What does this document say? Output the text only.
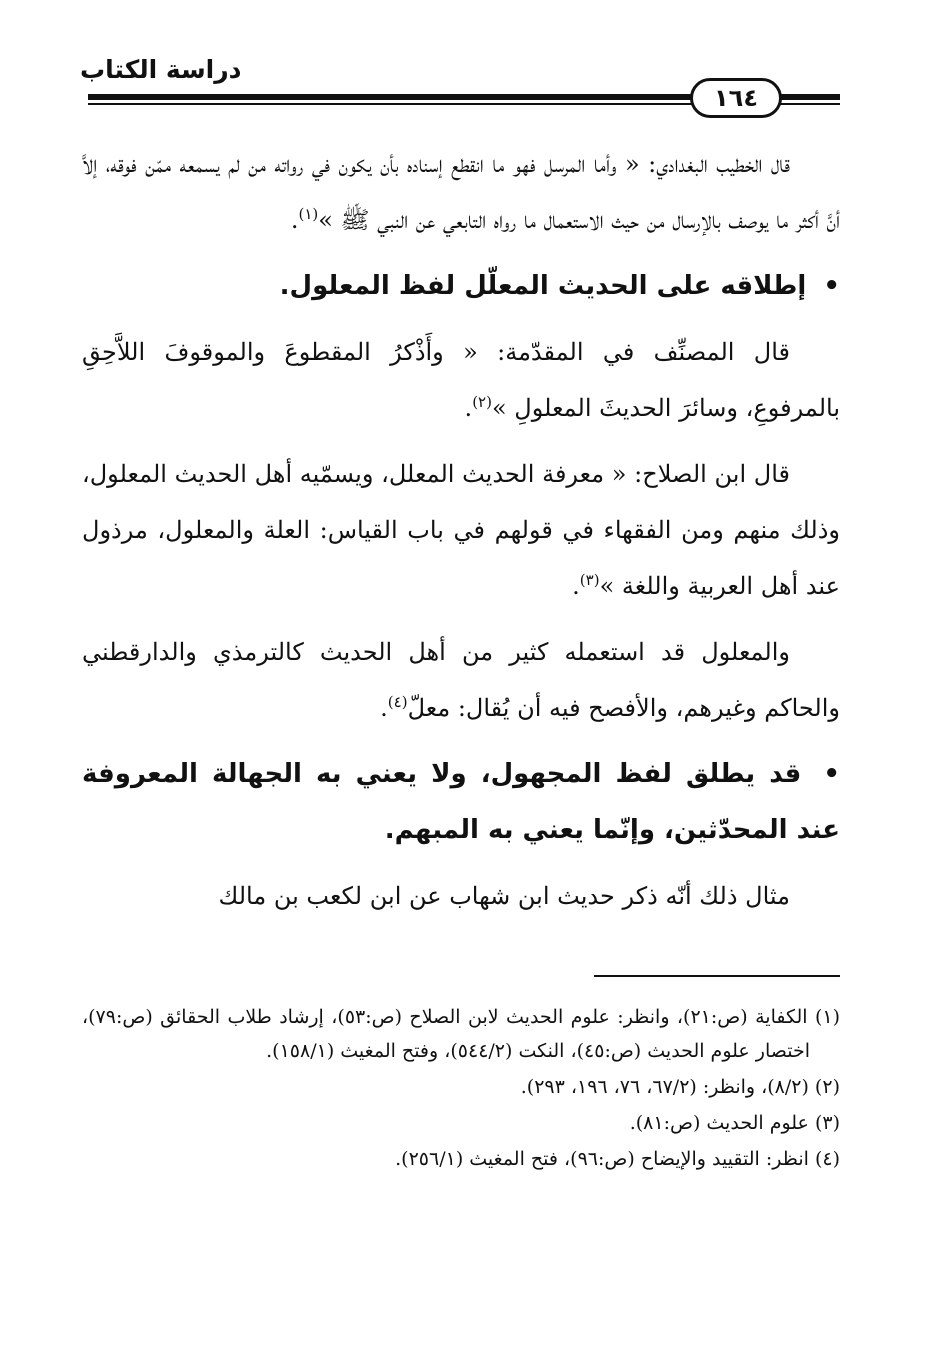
دراسة الكتاب
١٦٤

قال الخطيب البغدادي: « وأما المرسل فهو ما انقطع إسناده بأن يكون في رواته من لم يسمعه ممّن فوقه، إلاَّ أنَّ أكثر ما يوصف بالإرسال من حيث الاستعمال ما رواه التابعي عن النبي ﷺ »$^{(١)}$.

• إطلاقه على الحديث المعلّل لفظ المعلول.

قال المصنِّف في المقدّمة: « وأَذْكرُ المقطوعَ والموقوفَ اللاَّحِقِ بالمرفوعِ، وسائرَ الحديثَ المعلولِ »$^{(٢)}$.

قال ابن الصلاح: « معرفة الحديث المعلل، ويسمّيه أهل الحديث المعلول، وذلك منهم ومن الفقهاء في قولهم في باب القياس: العلة والمعلول، مرذول عند أهل العربية واللغة »$^{(٣)}$.

والمعلول قد استعمله كثير من أهل الحديث كالترمذي والدارقطني والحاكم وغيرهم، والأفصح فيه أن يُقال: معلّ$^{(٤)}$.

• قد يطلق لفظ المجهول، ولا يعني به الجهالة المعروفة عند المحدّثين، وإنّما يعني به المبهم.

مثال ذلك أنّه ذكر حديث ابن شهاب عن ابن لكعب بن مالك

(١) الكفاية (ص:٢١)، وانظر: علوم الحديث لابن الصلاح (ص:٥٣)، إرشاد طلاب الحقائق (ص:٧٩)، اختصار علوم الحديث (ص:٤٥)، النكت (٥٤٤/٢)، وفتح المغيث (١٥٨/١).

(٢) (٨/٢)، وانظر: (٦٧/٢، ٧٦، ١٩٦، ٢٩٣).

(٣) علوم الحديث (ص:٨١).

(٤) انظر: التقييد والإيضاح (ص:٩٦)، فتح المغيث (٢٥٦/١).
